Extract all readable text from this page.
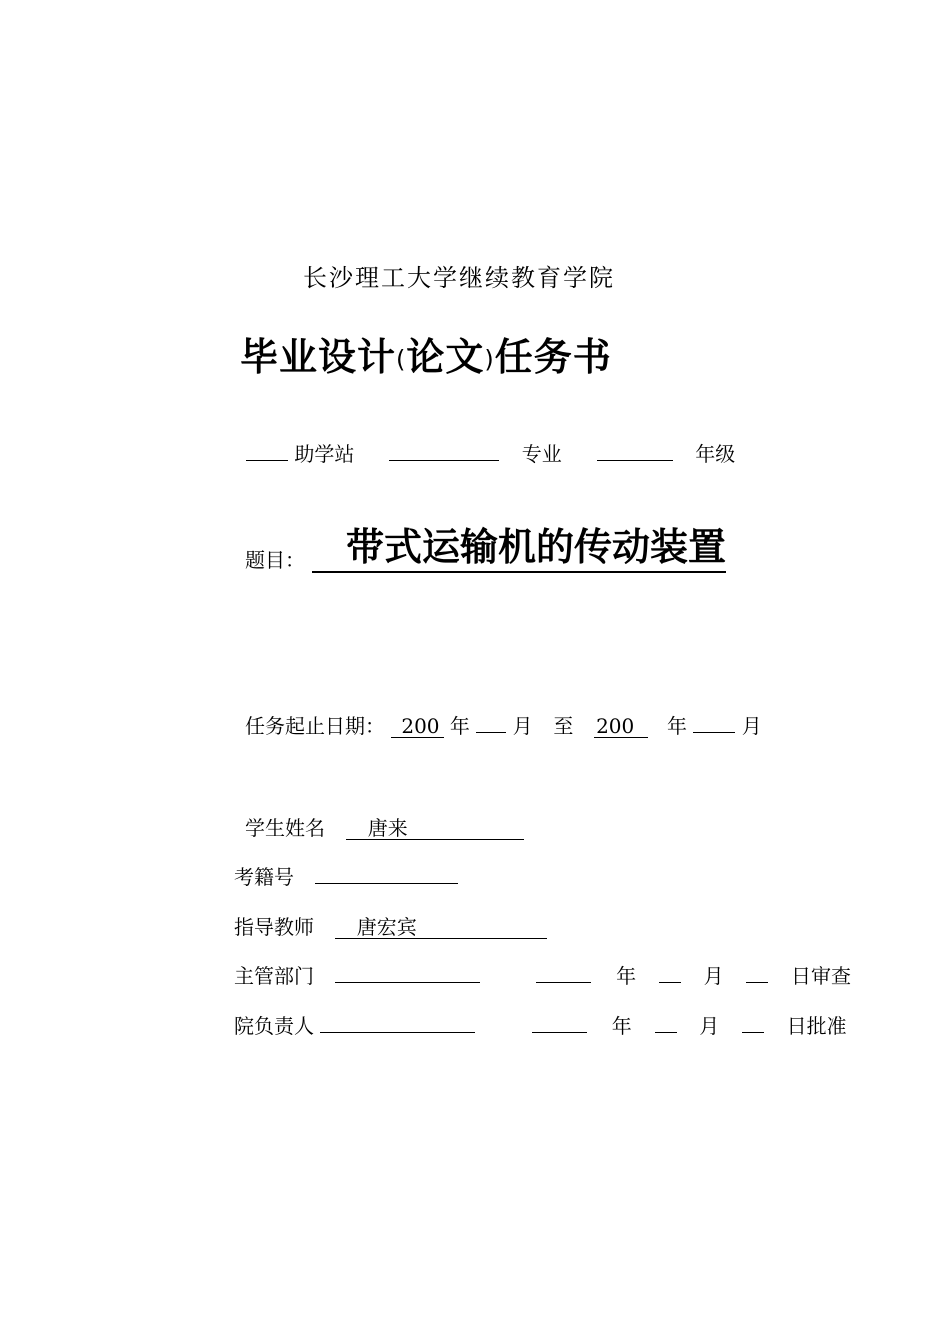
长沙理工大学继续教育学院
毕业设计(论文)任务书
助学站	专业	年级
题目：	带式运输机的传动装置
任务起止日期： 200 年 月 至 200 年	月
学生姓名 唐来
考籍号
指导教师 唐宏宾
主管部门	年	月	日审查
院负责人	年	月	日批准
